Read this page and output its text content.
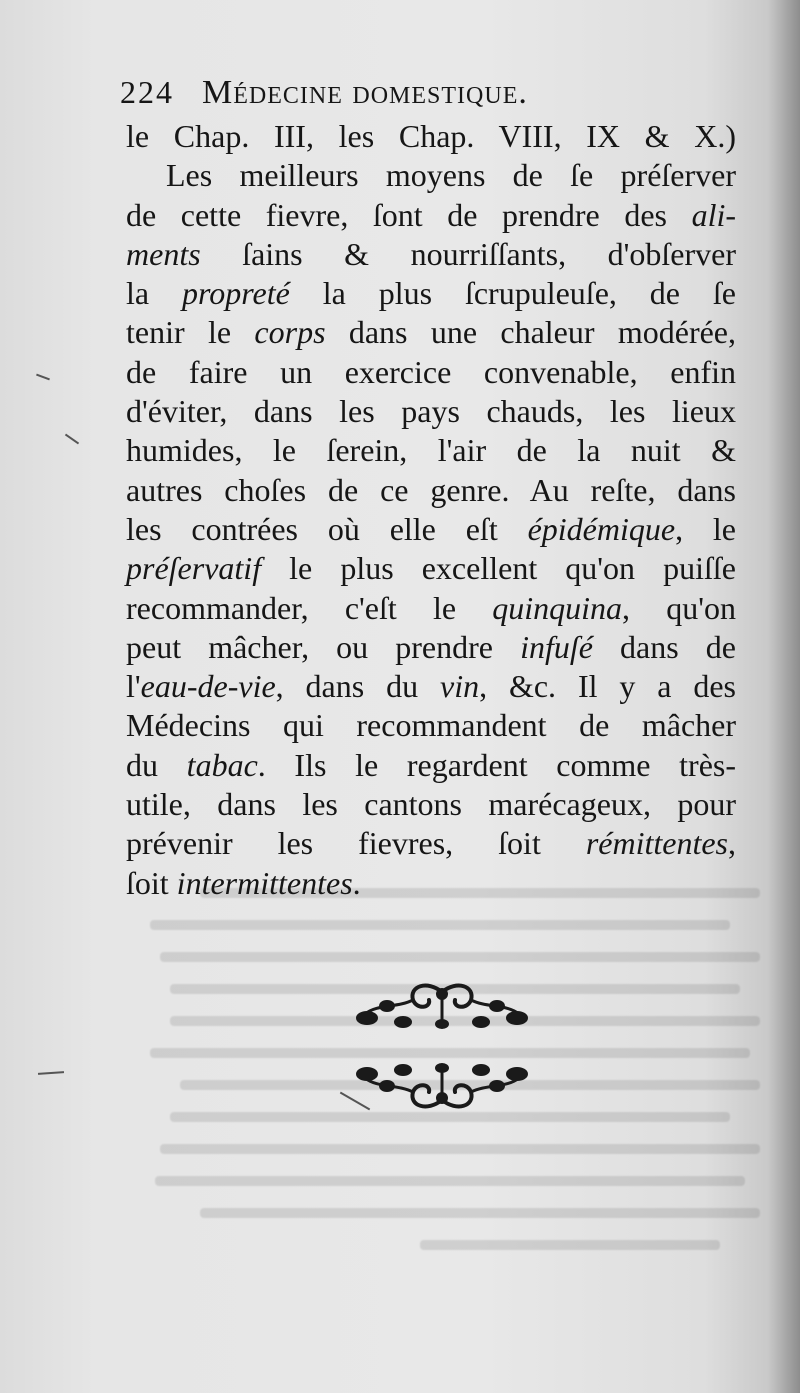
224 Médecine domestique.
le Chap. III, les Chap. VIII, IX & X.)
Les meilleurs moyens de ſe préſerver
de cette fievre, ſont de prendre des ali-
ments ſains & nourriſſants, d'obſerver
la propreté la plus ſcrupuleuſe, de ſe
tenir le corps dans une chaleur modérée,
de faire un exercice convenable, enfin
d'éviter, dans les pays chauds, les lieux
humides, le ſerein, l'air de la nuit &
autres choſes de ce genre. Au reſte, dans
les contrées où elle eſt épidémique, le
préſervatif le plus excellent qu'on puiſſe
recommander, c'eſt le quinquina, qu'on
peut mâcher, ou prendre infuſé dans de
l'eau-de-vie, dans du vin, &c. Il y a des
Médecins qui recommandent de mâcher
du tabac. Ils le regardent comme très-
utile, dans les cantons marécageux, pour
prévenir les fievres, ſoit rémittentes,
ſoit intermittentes.
